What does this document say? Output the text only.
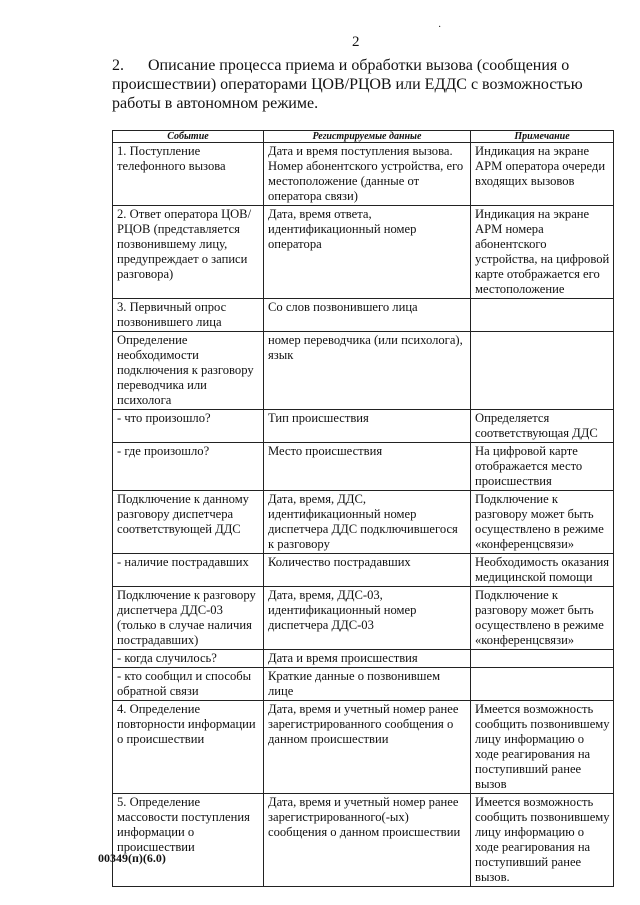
·
2
2. Описание процесса приема и обработки вызова (сообщения о происшествии) операторами ЦОВ/РЦОВ или ЕДДС с возможностью работы в автономном режиме.
Событие	Регистрируемые данные	Примечание
1. Поступление телефонного вызова	Дата и время поступления вызова. Номер абонентского устройства, его местоположение (данные от оператора связи)	Индикация на экране АРМ оператора очереди входящих вызовов
2. Ответ оператора ЦОВ/РЦОВ (представляется позвонившему лицу, предупреждает о записи разговора)	Дата, время ответа, идентификационный номер оператора	Индикация на экране АРМ номера абонентского устройства, на цифровой карте отображается его местоположение
3. Первичный опрос позвонившего лица	Со слов позвонившего лица	
Определение необходимости подключения к разговору переводчика или психолога	номер переводчика (или психолога), язык	
- что произошло?	Тип происшествия	Определяется соответствующая ДДС
- где произошло?	Место происшествия	На цифровой карте отображается место происшествия
Подключение к данному разговору диспетчера соответствующей ДДС	Дата, время, ДДС, идентификационный номер диспетчера ДДС подключившегося к разговору	Подключение к разговору может быть осуществлено в режиме «конференцсвязи»
- наличие пострадавших	Количество пострадавших	Необходимость оказания медицинской помощи
Подключение к разговору диспетчера ДДС-03 (только в случае наличия пострадавших)	Дата, время, ДДС-03, идентификационный номер диспетчера ДДС-03	Подключение к разговору может быть осуществлено в режиме «конференцсвязи»
- когда случилось?	Дата и время происшествия	
- кто сообщил и способы обратной связи	Краткие данные о позвонившем лице	
4. Определение повторности информации о происшествии	Дата, время и учетный номер ранее зарегистрированного сообщения о данном происшествии	Имеется возможность сообщить позвонившему лицу информацию о ходе реагирования на поступивший ранее вызов
5. Определение массовости поступления информации о происшествии	Дата, время и учетный номер ранее зарегистрированного(-ых) сообщения о данном происшествии	Имеется возможность сообщить позвонившему лицу информацию о ходе реагирования на поступивший ранее вызов.
00349(п)(6.0)
